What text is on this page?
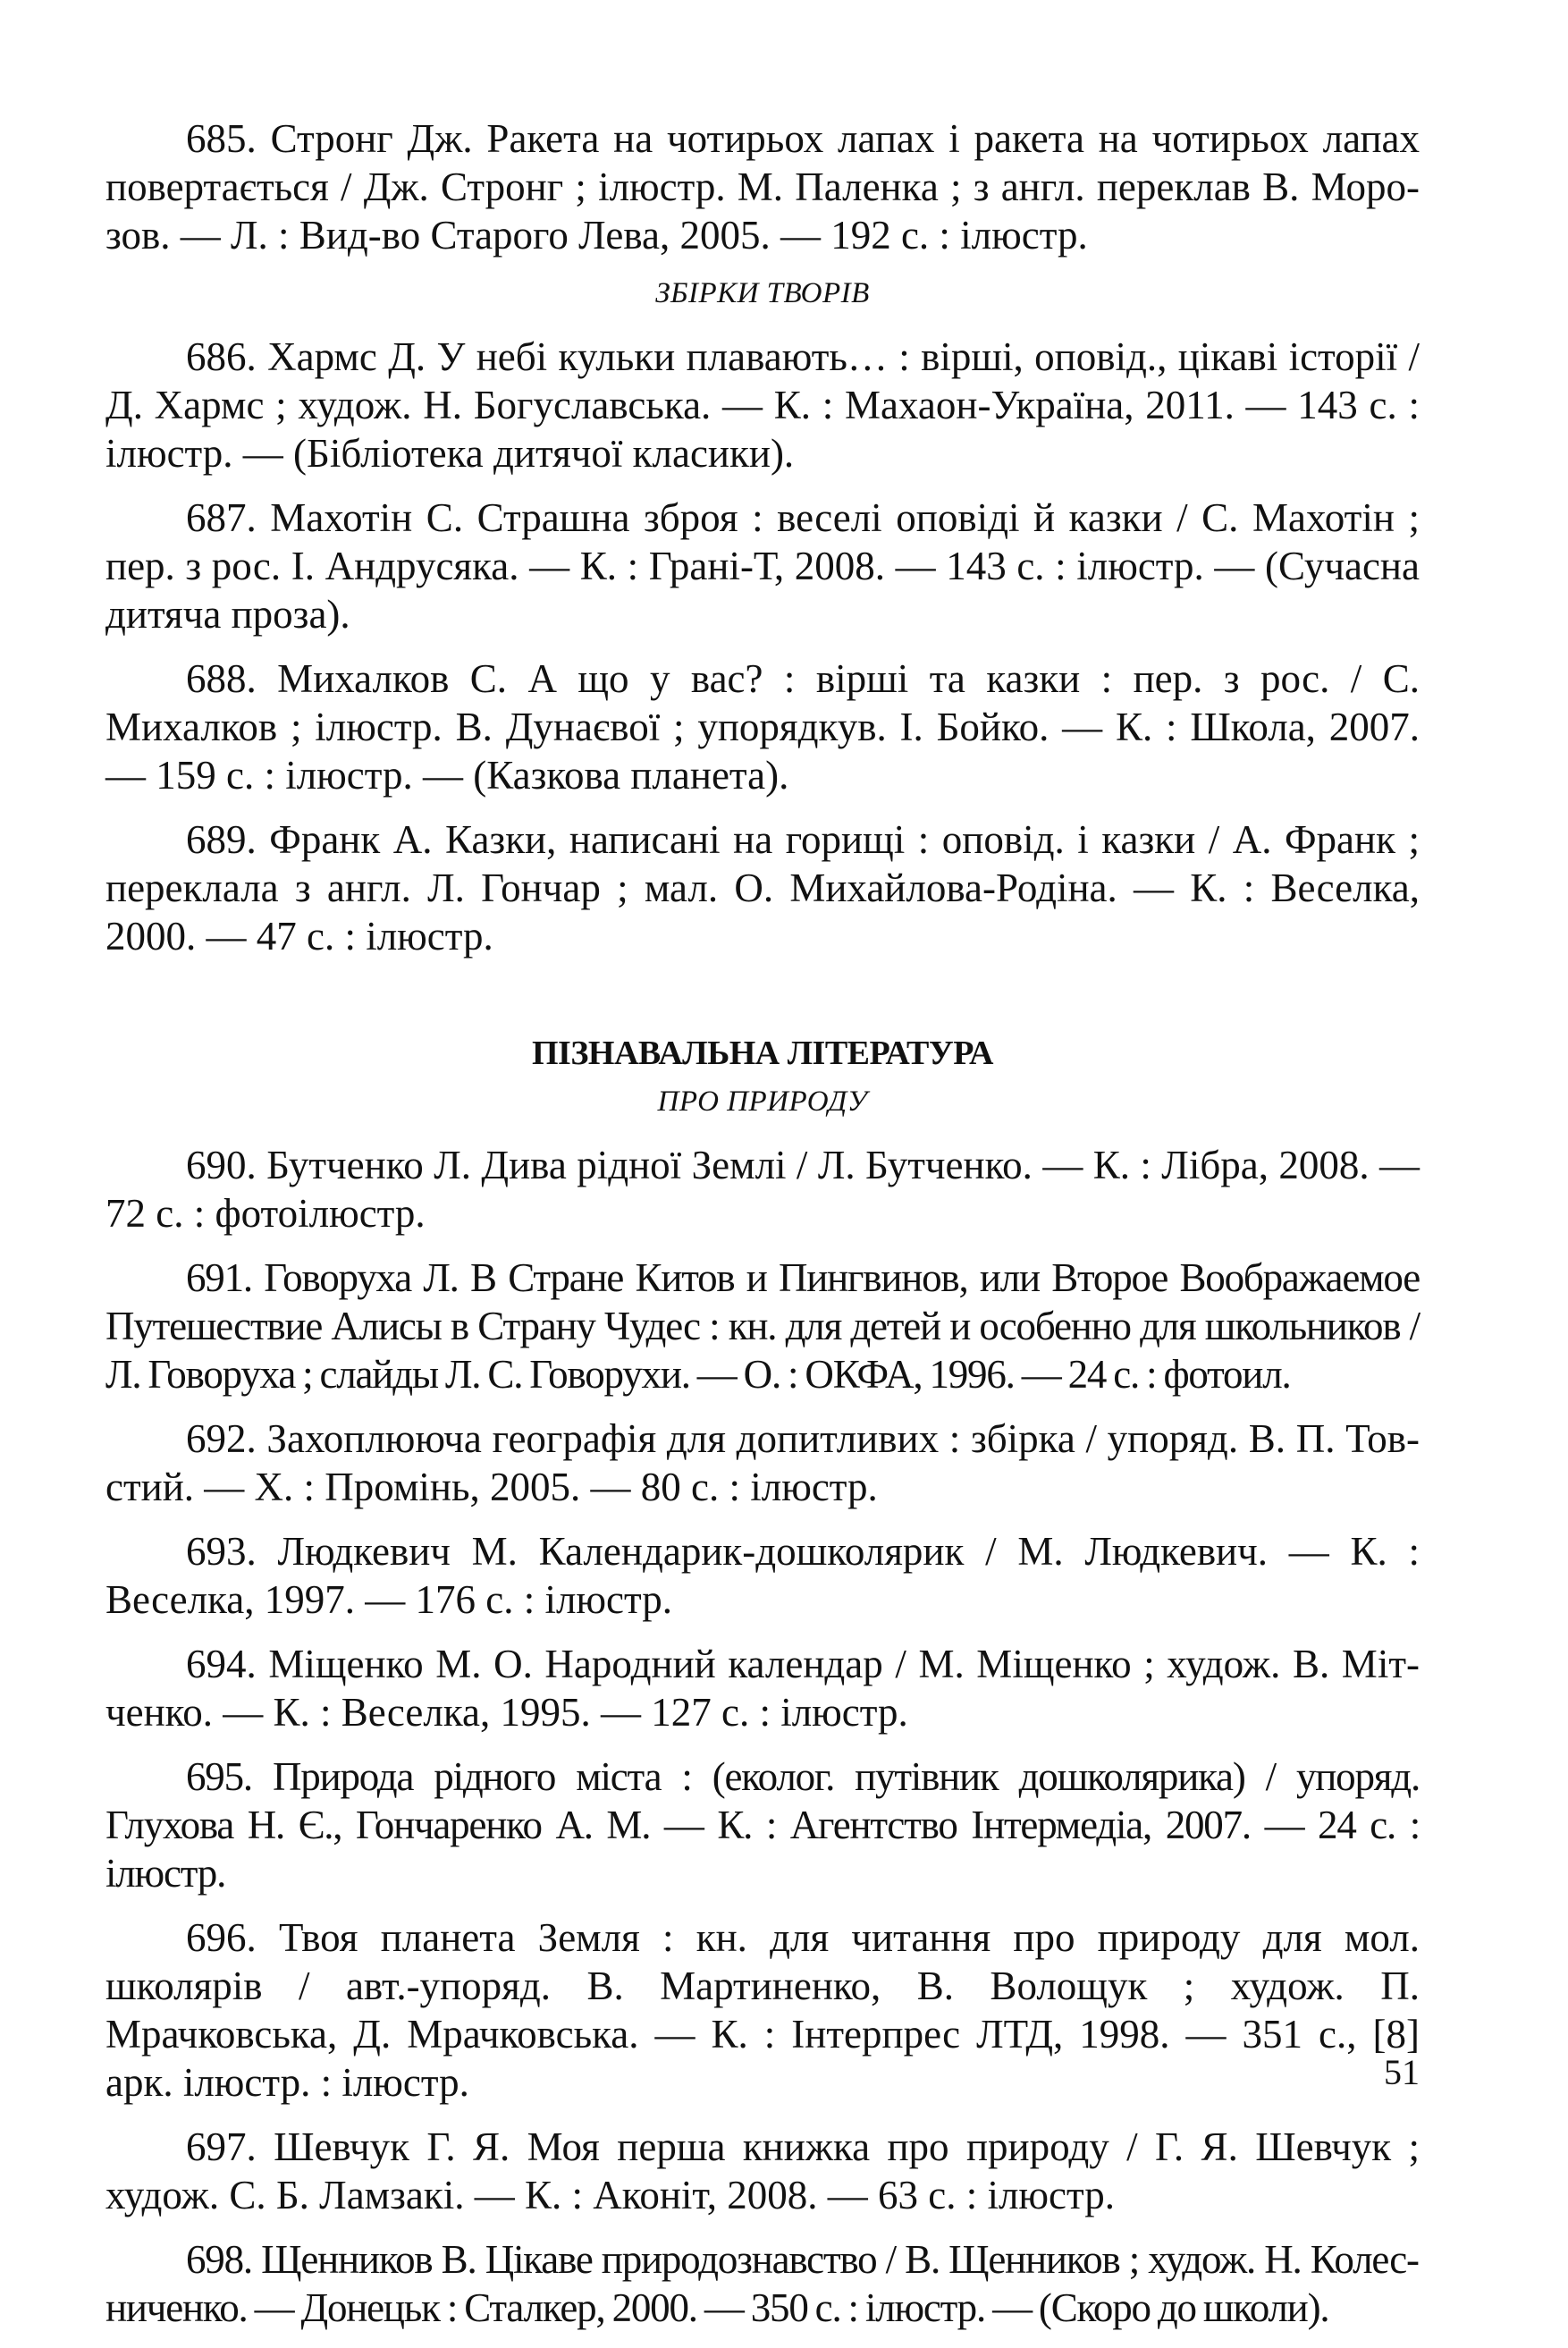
685. Стронг Дж. Ракета на чотирьох лапах і ракета на чотирьох лапах повертається / Дж. Стронг ; ілюстр. М. Паленка ; з англ. переклав В. Морозов. — Л. : Вид-во Старого Лева, 2005. — 192 с. : ілюстр.

ЗБІРКИ ТВОРІВ

686. Хармс Д. У небі кульки плавають… : вірші, оповід., цікаві історії / Д. Хармс ; худож. Н. Богуславська. — К. : Махаон-Україна, 2011. — 143 с. : ілюстр. — (Бібліотека дитячої класики).

687. Махотін С. Страшна зброя : веселі оповіді й казки / С. Махотін ; пер. з рос. І. Андрусяка. — К. : Грані-Т, 2008. — 143 с. : ілюстр. — (Сучасна дитяча проза).

688. Михалков С. А що у вас? : вірші та казки : пер. з рос. / С. Михалков ; ілюстр. В. Дунаєвої ; упорядкув. І. Бойко. — К. : Школа, 2007. — 159 с. : ілюстр. — (Казкова планета).

689. Франк А. Казки, написані на горищі : оповід. і казки / А. Франк ; переклала з англ. Л. Гончар ; мал. О. Михайлова-Родіна. — К. : Веселка, 2000. — 47 с. : ілюстр.

ПІЗНАВАЛЬНА ЛІТЕРАТУРА
ПРО ПРИРОДУ

690. Бутченко Л. Дива рідної Землі / Л. Бутченко. — К. : Лібра, 2008. — 72 с. : фотоілюстр.

691. Говоруха Л. В Стране Китов и Пингвинов, или Второе Воображаемое Путешествие Алисы в Страну Чудес : кн. для детей и особенно для школьников / Л. Говоруха ; слайды Л. С. Говорухи. — О. : ОКФА, 1996. — 24 с. : фотоил.

692. Захоплююча географія для допитливих : збірка / упоряд. В. П. Товстий. — Х. : Промінь, 2005. — 80 с. : ілюстр.

693. Людкевич М. Календарик-дошколярик / М. Людкевич. — К. : Веселка, 1997. — 176 с. : ілюстр.

694. Міщенко М. О. Народний календар / М. Міщенко ; худож. В. Мітченко. — К. : Веселка, 1995. — 127 с. : ілюстр.

695. Природа рідного міста : (еколог. путівник дошколярика) / упоряд. Глухова Н. Є., Гончаренко А. М. — К. : Агентство Інтермедіа, 2007. — 24 с. : ілюстр.

696. Твоя планета Земля : кн. для читання про природу для мол. школярів / авт.-упоряд. В. Мартиненко, В. Волощук ; худож. П. Мрачковська, Д. Мрачковська. — К. : Інтерпрес ЛТД, 1998. — 351 с., [8] арк. ілюстр. : ілюстр.

697. Шевчук Г. Я. Моя перша книжка про природу / Г. Я. Шевчук ; худож. С. Б. Ламзакі. — К. : Аконіт, 2008. — 63 с. : ілюстр.

698. Щенников В. Цікаве природознавство / В. Щенников ; худож. Н. Колесниченко. — Донецьк : Сталкер, 2000. — 350 с. : ілюстр. — (Скоро до школи).

51
